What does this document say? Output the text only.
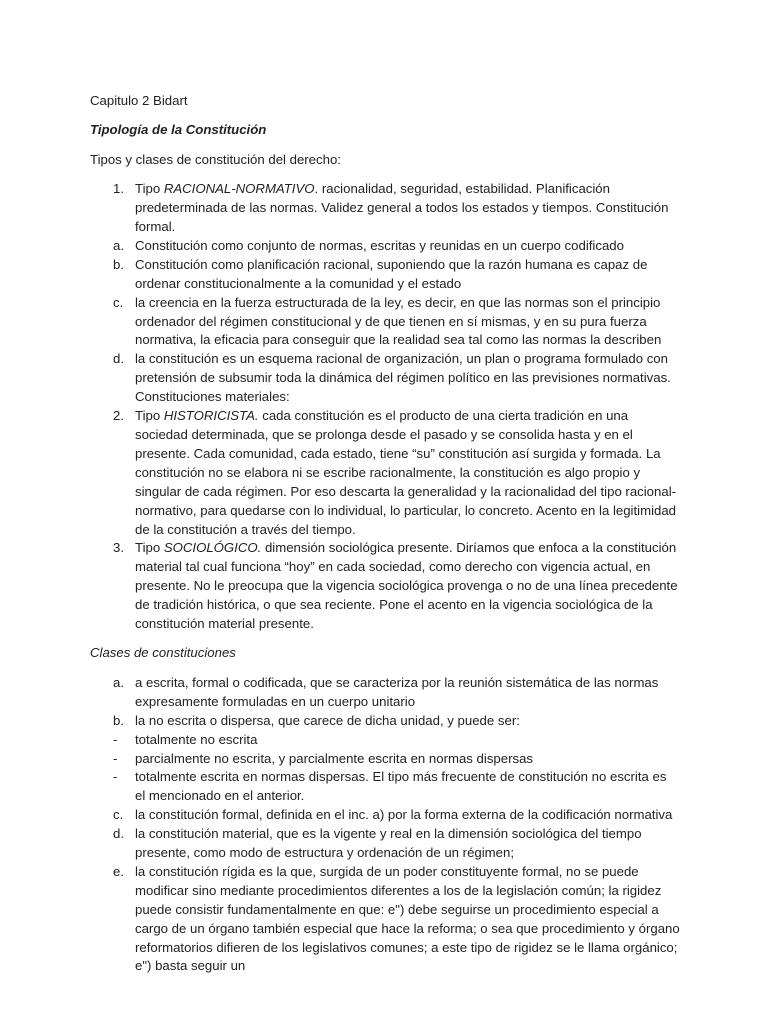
Capitulo 2 Bidart

Tipología de la Constitución

Tipos y clases de constitución del derecho:

1. Tipo RACIONAL-NORMATIVO. racionalidad, seguridad, estabilidad. Planificación predeterminada de las normas. Validez general a todos los estados y tiempos. Constitución formal.
a. Constitución como conjunto de normas, escritas y reunidas en un cuerpo codificado
b. Constitución como planificación racional, suponiendo que la razón humana es capaz de ordenar constitucionalmente a la comunidad y el estado
c. la creencia en la fuerza estructurada de la ley, es decir, en que las normas son el principio ordenador del régimen constitucional y de que tienen en sí mismas, y en su pura fuerza normativa, la eficacia para conseguir que la realidad sea tal como las normas la describen
d. la constitución es un esquema racional de organización, un plan o programa formulado con pretensión de subsumir toda la dinámica del régimen político en las previsiones normativas. Constituciones materiales:
2. Tipo HISTORICISTA. cada constitución es el producto de una cierta tradición en una sociedad determinada, que se prolonga desde el pasado y se consolida hasta y en el presente. Cada comunidad, cada estado, tiene “su” constitución así surgida y formada. La constitución no se elabora ni se escribe racionalmente, la constitución es algo propio y singular de cada régimen. Por eso descarta la generalidad y la racionalidad del tipo racional-normativo, para quedarse con lo individual, lo particular, lo concreto. Acento en la legitimidad de la constitución a través del tiempo.
3. Tipo SOCIOLÓGICO. dimensión sociológica presente. Diríamos que enfoca a la constitución material tal cual funciona “hoy” en cada sociedad, como derecho con vigencia actual, en presente. No le preocupa que la vigencia sociológica provenga o no de una línea precedente de tradición histórica, o que sea reciente. Pone el acento en la vigencia sociológica de la constitución material presente.

Clases de constituciones

a. a escrita, formal o codificada, que se caracteriza por la reunión sistemática de las normas expresamente formuladas en un cuerpo unitario
b. la no escrita o dispersa, que carece de dicha unidad, y puede ser:
-	totalmente no escrita
-	parcialmente no escrita, y parcialmente escrita en normas dispersas
-	totalmente escrita en normas dispersas. El tipo más frecuente de constitución no escrita es el mencionado en el anterior.
c. la constitución formal, definida en el inc. a) por la forma externa de la codificación normativa
d. la constitución material, que es la vigente y real en la dimensión sociológica del tiempo presente, como modo de estructura y ordenación de un régimen;
e. la constitución rígida es la que, surgida de un poder constituyente formal, no se puede modificar sino mediante procedimientos diferentes a los de la legislación común; la rigidez puede consistir fundamentalmente en que: e") debe seguirse un procedimiento especial a cargo de un órgano también especial que hace la reforma; o sea que procedimiento y órgano reformatorios difieren de los legislativos comunes; a este tipo de rigidez se le llama orgánico; e") basta seguir un
